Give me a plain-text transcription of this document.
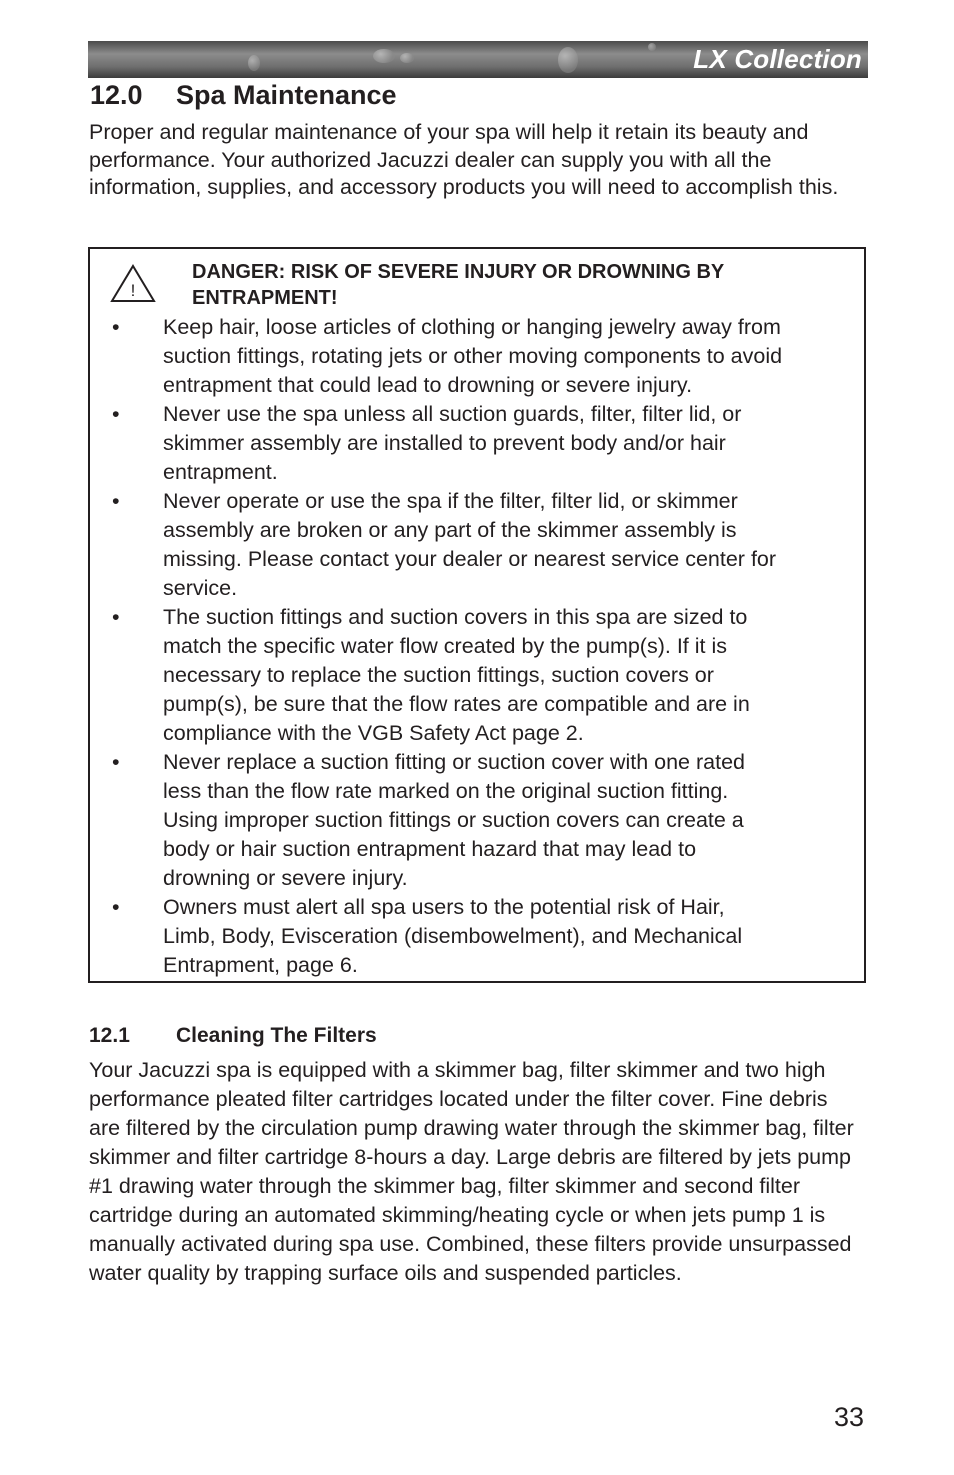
LX Collection
12.0 Spa Maintenance

Proper and regular maintenance of your spa will help it retain its beauty and performance. Your authorized Jacuzzi dealer can supply you with all the information, supplies, and accessory products you will need to accomplish this.

!

DANGER: RISK OF SEVERE INJURY OR DROWNING BY ENTRAPMENT!

• Keep hair, loose articles of clothing or hanging jewelry away from suction fittings, rotating jets or other moving components to avoid entrapment that could lead to drowning or severe injury.
• Never use the spa unless all suction guards, filter, filter lid, or skimmer assembly are installed to prevent body and/or hair entrapment.
• Never operate or use the spa if the filter, filter lid, or skimmer assembly are broken or any part of the skimmer assembly is missing. Please contact your dealer or nearest service center for service.
• The suction fittings and suction covers in this spa are sized to match the specific water flow created by the pump(s). If it is necessary to replace the suction fittings, suction covers or pump(s), be sure that the flow rates are compatible and are in compliance with the VGB Safety Act page 2.
• Never replace a suction fitting or suction cover with one rated less than the flow rate marked on the original suction fitting. Using improper suction fittings or suction covers can create a body or hair suction entrapment hazard that may lead to drowning or severe injury.
• Owners must alert all spa users to the potential risk of Hair, Limb, Body, Evisceration (disembowelment), and Mechanical Entrapment, page 6.
12.1 Cleaning The Filters

Your Jacuzzi spa is equipped with a skimmer bag, filter skimmer and two high performance pleated filter cartridges located under the filter cover. Fine debris are filtered by the circulation pump drawing water through the skimmer bag, filter skimmer and filter cartridge 8-hours a day. Large debris are filtered by jets pump #1 drawing water through the skimmer bag, filter skimmer and second filter cartridge during an automated skimming/heating cycle or when jets pump 1 is manually activated during spa use. Combined, these filters provide unsurpassed water quality by trapping surface oils and suspended particles.

33
